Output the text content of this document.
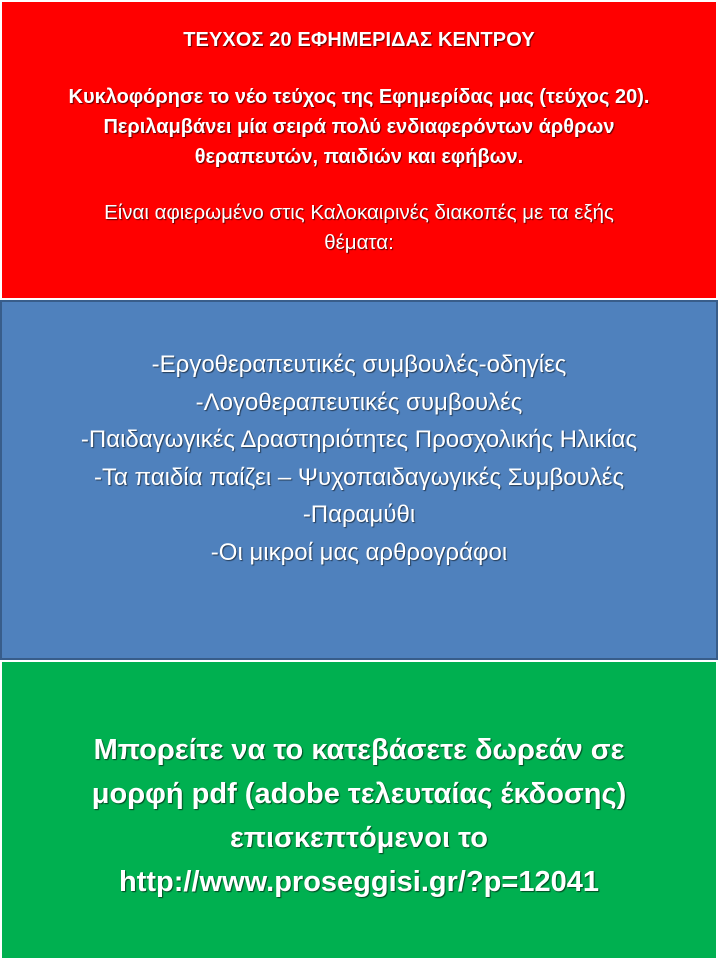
ΤΕΥΧΟΣ 20 ΕΦΗΜΕΡΙΔΑΣ ΚΕΝΤΡΟΥ
Κυκλοφόρησε το νέο τεύχος της Εφημερίδας μας (τεύχος 20).
Περιλαμβάνει μία σειρά πολύ ενδιαφερόντων άρθρων
θεραπευτών, παιδιών και εφήβων.
Είναι αφιερωμένο στις Καλοκαιρινές διακοπές με τα εξής
θέματα:
-Εργοθεραπευτικές συμβουλές-οδηγίες
-Λογοθεραπευτικές συμβουλές
-Παιδαγωγικές Δραστηριότητες Προσχολικής Ηλικίας
-Τα παιδία παίζει – Ψυχοπαιδαγωγικές Συμβουλές
-Παραμύθι
-Οι μικροί μας αρθρογράφοι
Μπορείτε να το κατεβάσετε δωρεάν σε
μορφή pdf (adobe τελευταίας έκδοσης)
επισκεπτόμενοι το
http://www.proseggisi.gr/?p=12041
